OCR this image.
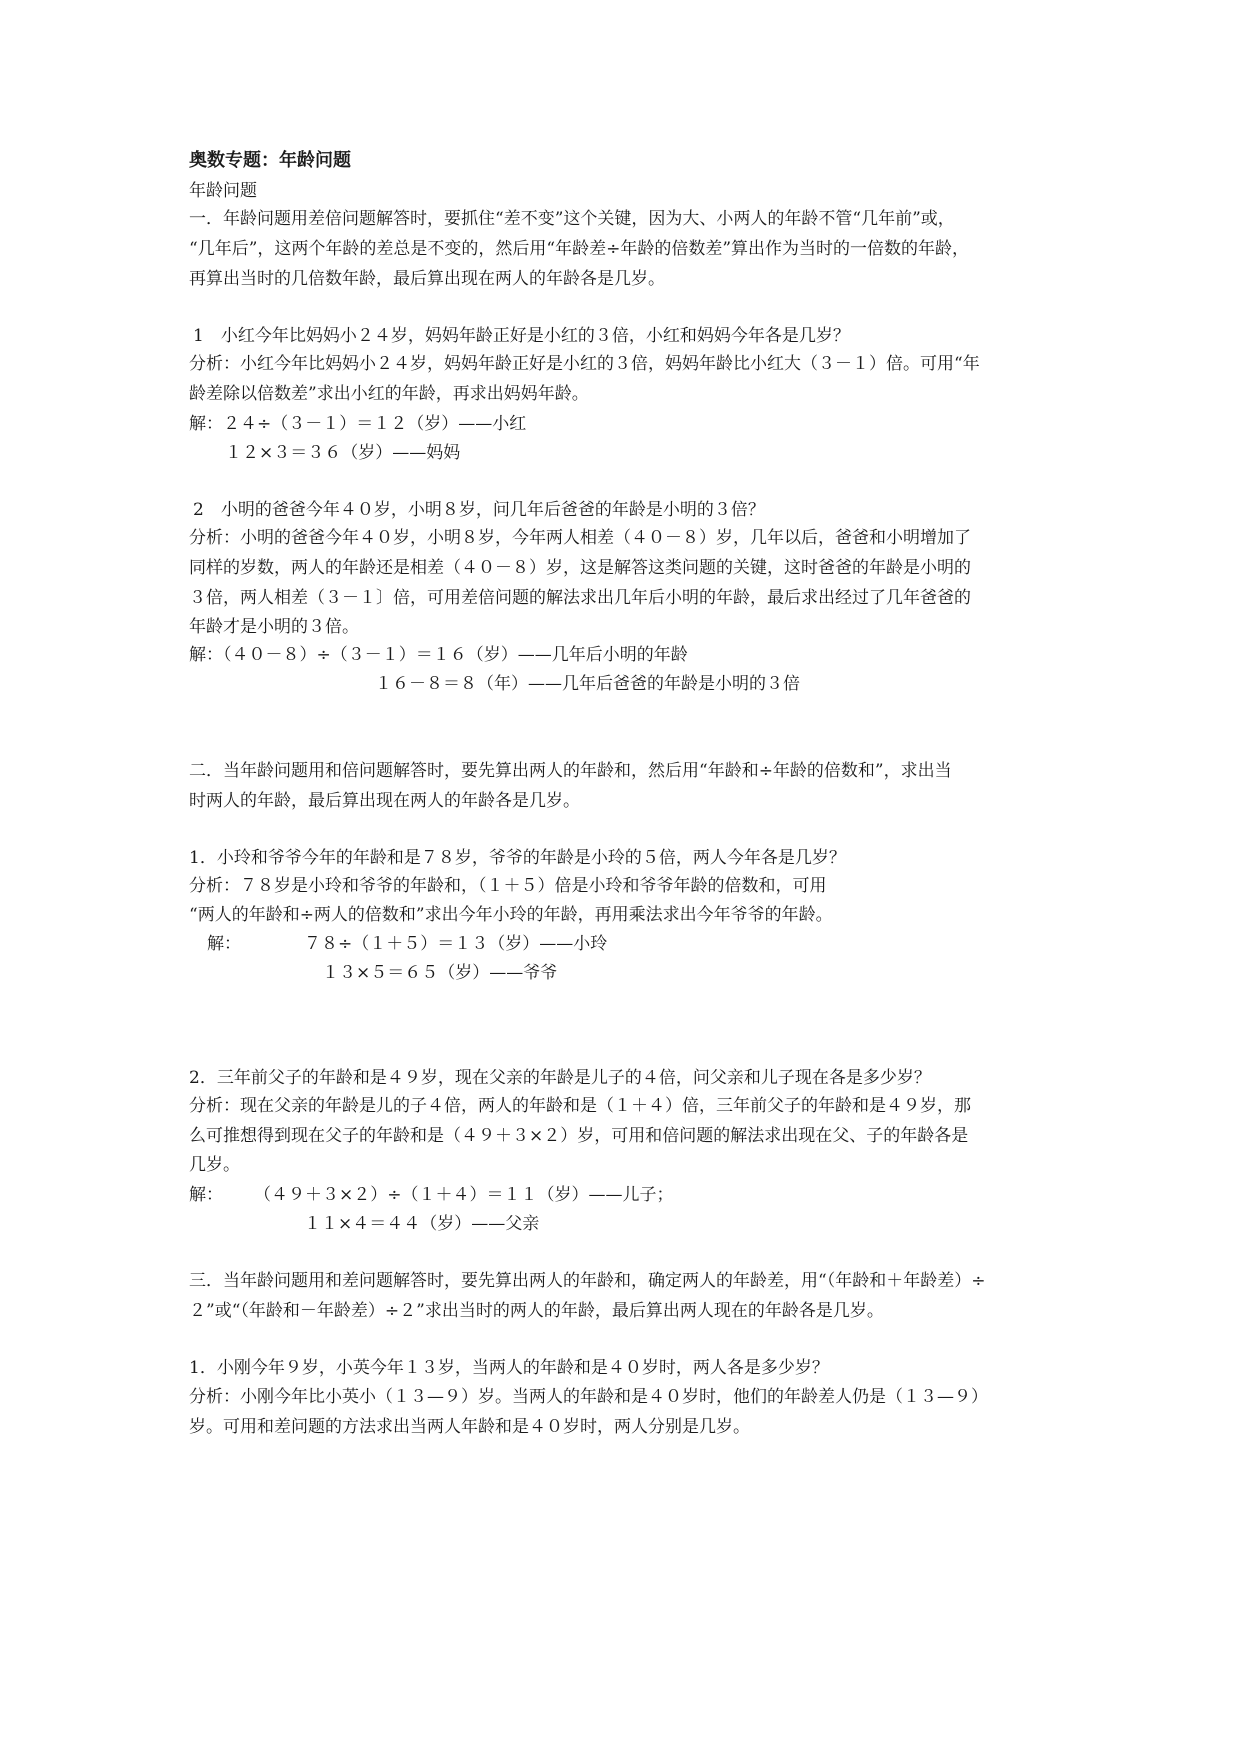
奥数专题：年龄问题
年龄问题
一．年龄问题用差倍问题解答时，要抓住“差不变”这个关键，因为大、小两人的年龄不管“几年前”或，
“几年后”，这两个年龄的差总是不变的，然后用“年龄差÷年龄的倍数差”算出作为当时的一倍数的年龄，
再算出当时的几倍数年龄，最后算出现在两人的年龄各是几岁。
1　小红今年比妈妈小２４岁，妈妈年龄正好是小红的３倍，小红和妈妈今年各是几岁？
分析：小红今年比妈妈小２４岁，妈妈年龄正好是小红的３倍，妈妈年龄比小红大（３－１）倍。可用“年
龄差除以倍数差”求出小红的年龄，再求出妈妈年龄。
解：２４÷（３－１）＝１２（岁）——小红
１２×３＝３６（岁）——妈妈
2　小明的爸爸今年４０岁，小明８岁，问几年后爸爸的年龄是小明的３倍？
分析：小明的爸爸今年４０岁，小明８岁，今年两人相差（４０－８）岁，几年以后，爸爸和小明增加了
同样的岁数，两人的年龄还是相差（４０－８）岁，这是解答这类问题的关键，这时爸爸的年龄是小明的
３倍，两人相差（３－１〕倍，可用差倍问题的解法求出几年后小明的年龄，最后求出经过了几年爸爸的
年龄才是小明的３倍。
解：（４０－８）÷（３－１）＝１６（岁）——几年后小明的年龄
１６－８＝８（年）——几年后爸爸的年龄是小明的３倍
二．当年龄问题用和倍问题解答时，要先算出两人的年龄和，然后用“年龄和÷年龄的倍数和”，求出当
时两人的年龄，最后算出现在两人的年龄各是几岁。
1．小玲和爷爷今年的年龄和是７８岁，爷爷的年龄是小玲的５倍，两人今年各是几岁？
分析：７８岁是小玲和爷爷的年龄和，（１＋５）倍是小玲和爷爷年龄的倍数和，可用
“两人的年龄和÷两人的倍数和”求出今年小玲的年龄，再用乘法求出今年爷爷的年龄。
解：	７８÷（１＋５）＝１３（岁）——小玲
１３×５＝６５（岁）——爷爷
2．三年前父子的年龄和是４９岁，现在父亲的年龄是儿子的４倍，问父亲和儿子现在各是多少岁？
分析：现在父亲的年龄是儿的子４倍，两人的年龄和是（１＋４）倍，三年前父子的年龄和是４９岁，那
么可推想得到现在父子的年龄和是（４９＋３×２）岁，可用和倍问题的解法求出现在父、子的年龄各是
几岁。
解： （４９＋３×２）÷（１＋４）＝１１（岁）——儿子；
１１×４＝４４（岁）——父亲
三．当年龄问题用和差问题解答时，要先算出两人的年龄和，确定两人的年龄差，用“（年龄和＋年龄差）÷
２”或“（年龄和－年龄差）÷２”求出当时的两人的年龄，最后算出两人现在的年龄各是几岁。
1．小刚今年９岁，小英今年１３岁，当两人的年龄和是４０岁时，两人各是多少岁？
分析：小刚今年比小英小（１３—９）岁。当两人的年龄和是４０岁时，他们的年龄差人仍是（１３—９）
岁。可用和差问题的方法求出当两人年龄和是４０岁时，两人分别是几岁。
